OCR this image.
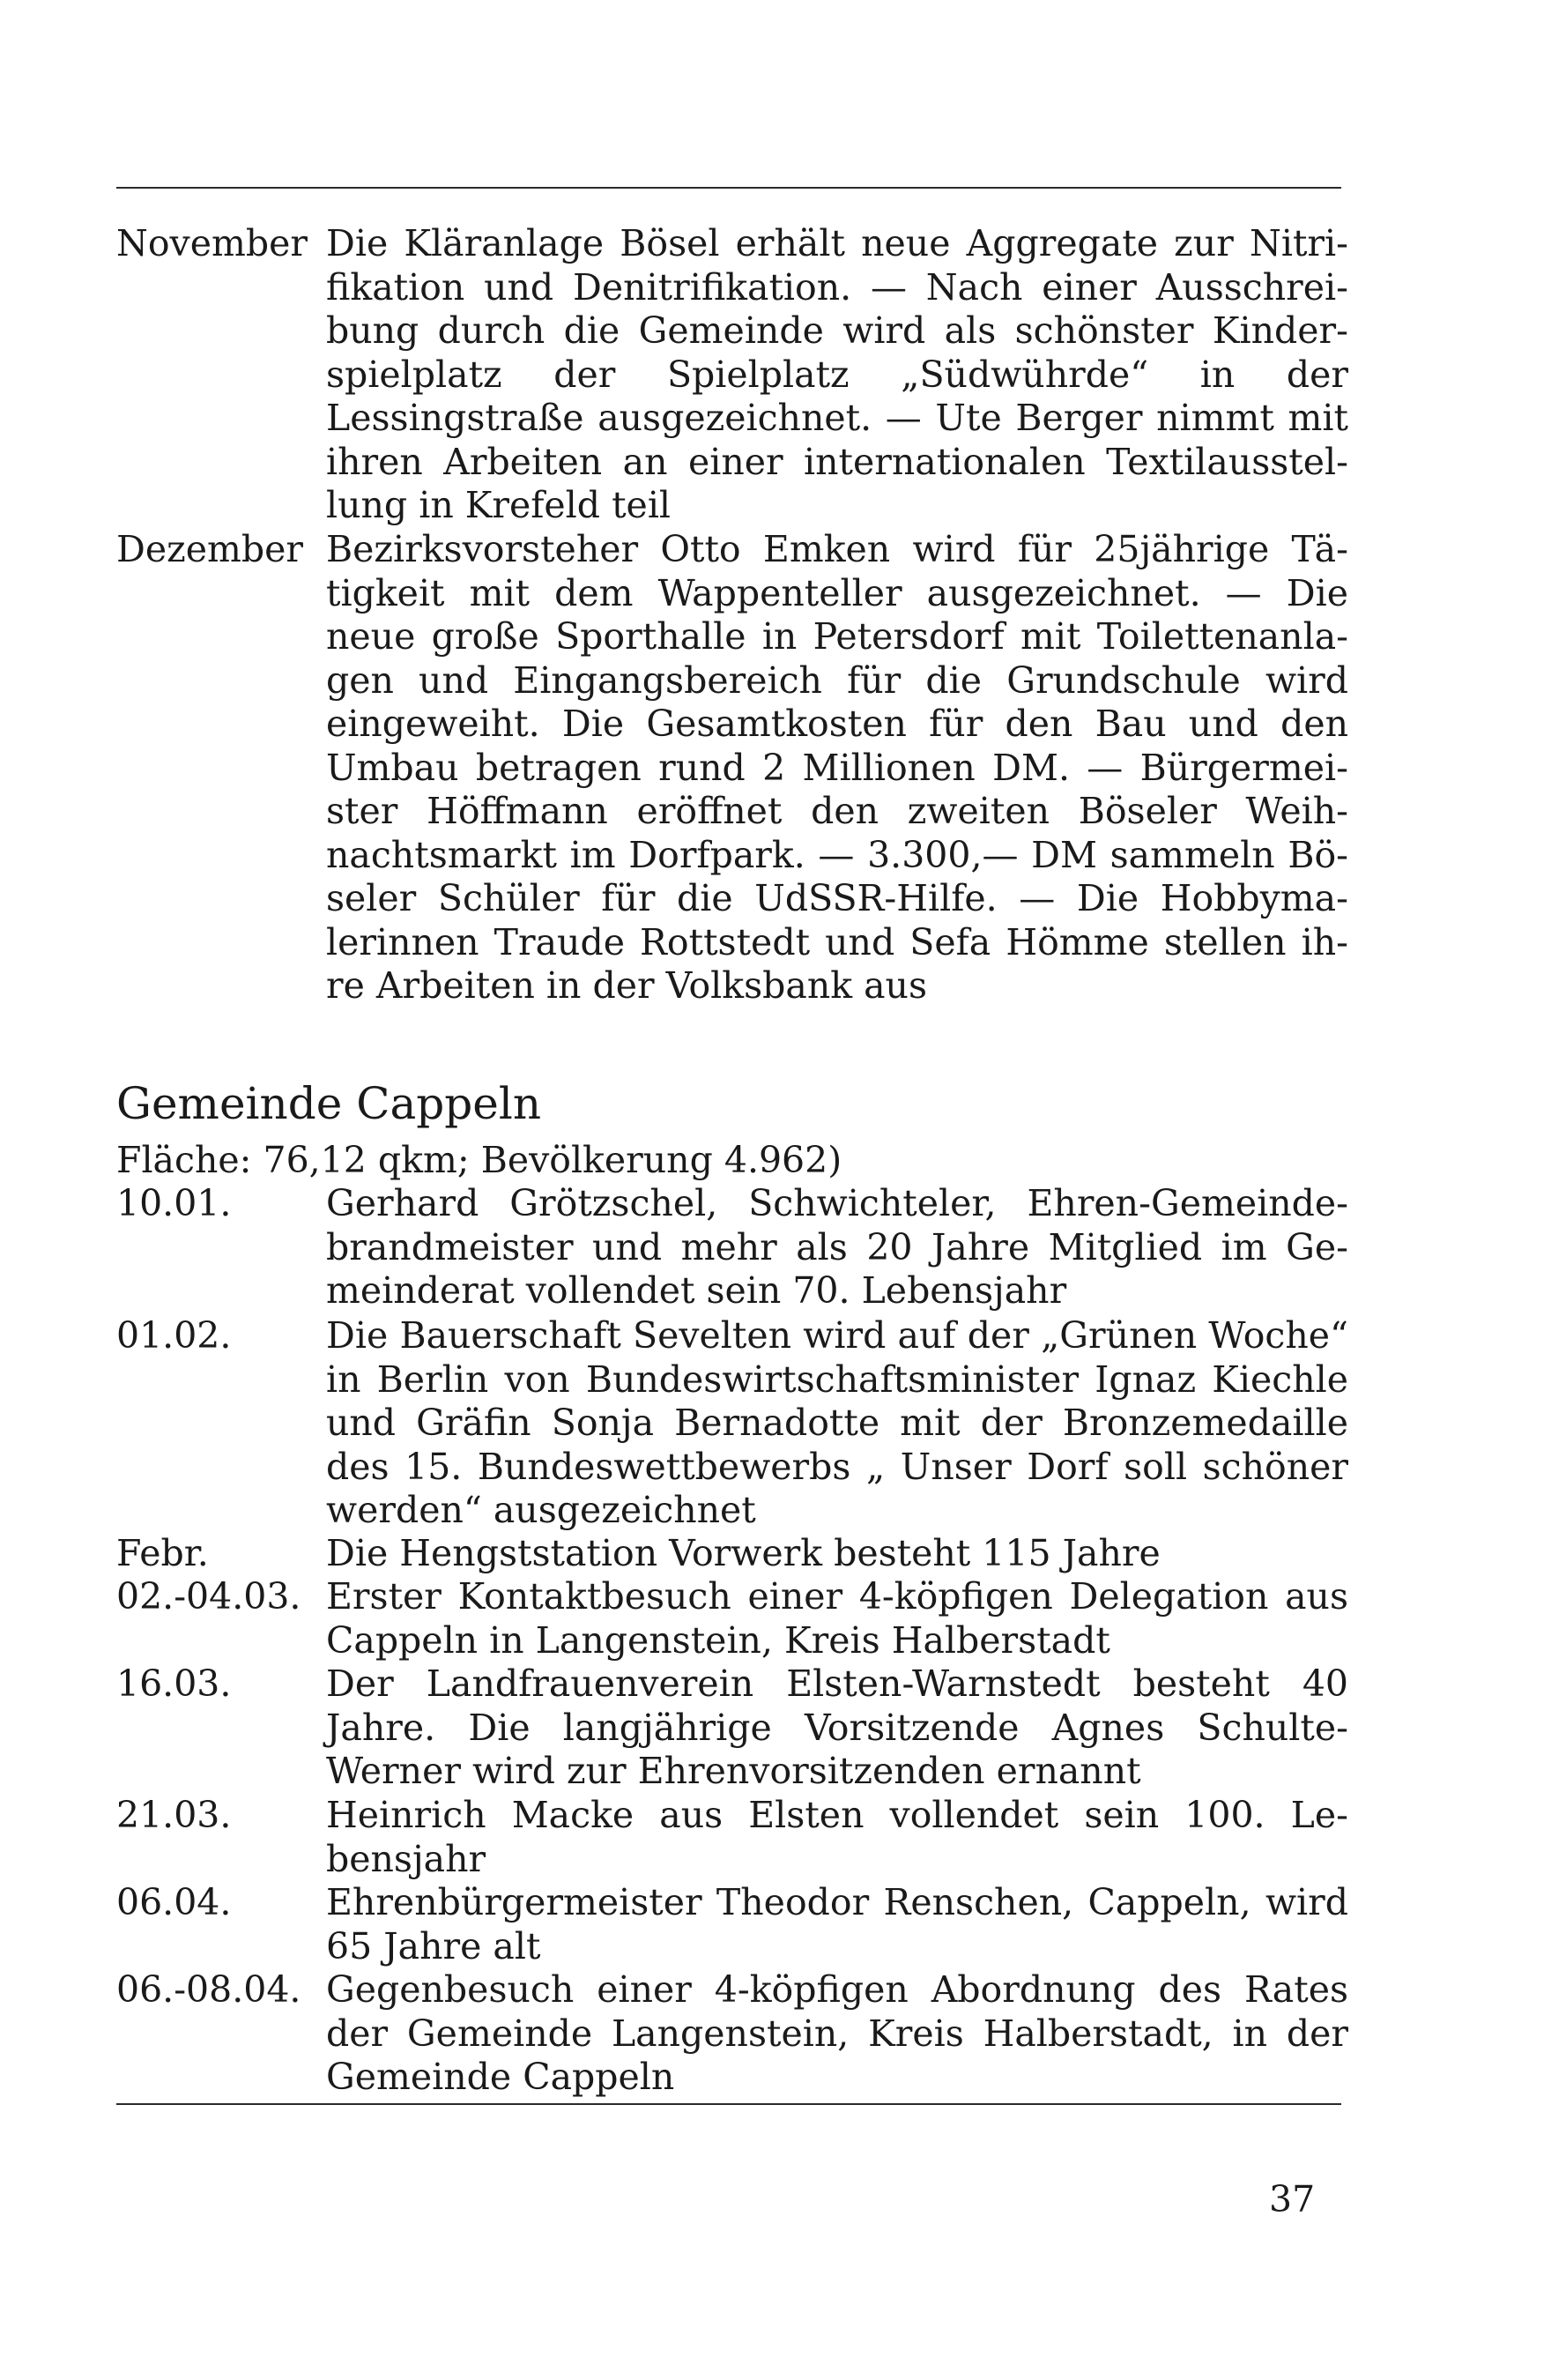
November Die Kläranlage Bösel erhält neue Aggregate zur Nitrifikation und Denitrifikation. — Nach einer Ausschreibung durch die Gemeinde wird als schönster Kinderspielplatz der Spielplatz „Südwührde“ in der Lessingstraße ausgezeichnet. — Ute Berger nimmt mit ihren Arbeiten an einer internationalen Textilausstellung in Krefeld teil
Dezember Bezirksvorsteher Otto Emken wird für 25jährige Tätigkeit mit dem Wappenteller ausgezeichnet. — Die neue große Sporthalle in Petersdorf mit Toilettenanlagen und Eingangsbereich für die Grundschule wird eingeweiht. Die Gesamtkosten für den Bau und den Umbau betragen rund 2 Millionen DM. — Bürgermeister Höffmann eröffnet den zweiten Böseler Weihnachtsmarkt im Dorfpark. — 3.300,— DM sammeln Böseler Schüler für die UdSSR-Hilfe. — Die Hobbymalerinnen Traude Rottstedt und Sefa Hömme stellen ihre Arbeiten in der Volksbank aus
Gemeinde Cappeln
Fläche: 76,12 qkm; Bevölkerung 4.962)
10.01.	Gerhard Grötzschel, Schwichteler, Ehren-Gemeindebrandmeister und mehr als 20 Jahre Mitglied im Gemeinderat vollendet sein 70. Lebensjahr
01.02.	Die Bauerschaft Sevelten wird auf der „Grünen Woche“ in Berlin von Bundeswirtschaftsminister Ignaz Kiechle und Gräfin Sonja Bernadotte mit der Bronzemedaille des 15. Bundeswettbewerbs „ Unser Dorf soll schöner werden“ ausgezeichnet
Febr.	Die Hengststation Vorwerk besteht 115 Jahre
02.-04.03. Erster Kontaktbesuch einer 4-köpfigen Delegation aus Cappeln in Langenstein, Kreis Halberstadt
16.03.	Der Landfrauenverein Elsten-Warnstedt besteht 40 Jahre. Die langjährige Vorsitzende Agnes Schulte-Werner wird zur Ehrenvorsitzenden ernannt
21.03.	Heinrich Macke aus Elsten vollendet sein 100. Lebensjahr
06.04.	Ehrenbürgermeister Theodor Renschen, Cappeln, wird 65 Jahre alt
06.-08.04. Gegenbesuch einer 4-köpfigen Abordnung des Rates der Gemeinde Langenstein, Kreis Halberstadt, in der Gemeinde Cappeln
37
